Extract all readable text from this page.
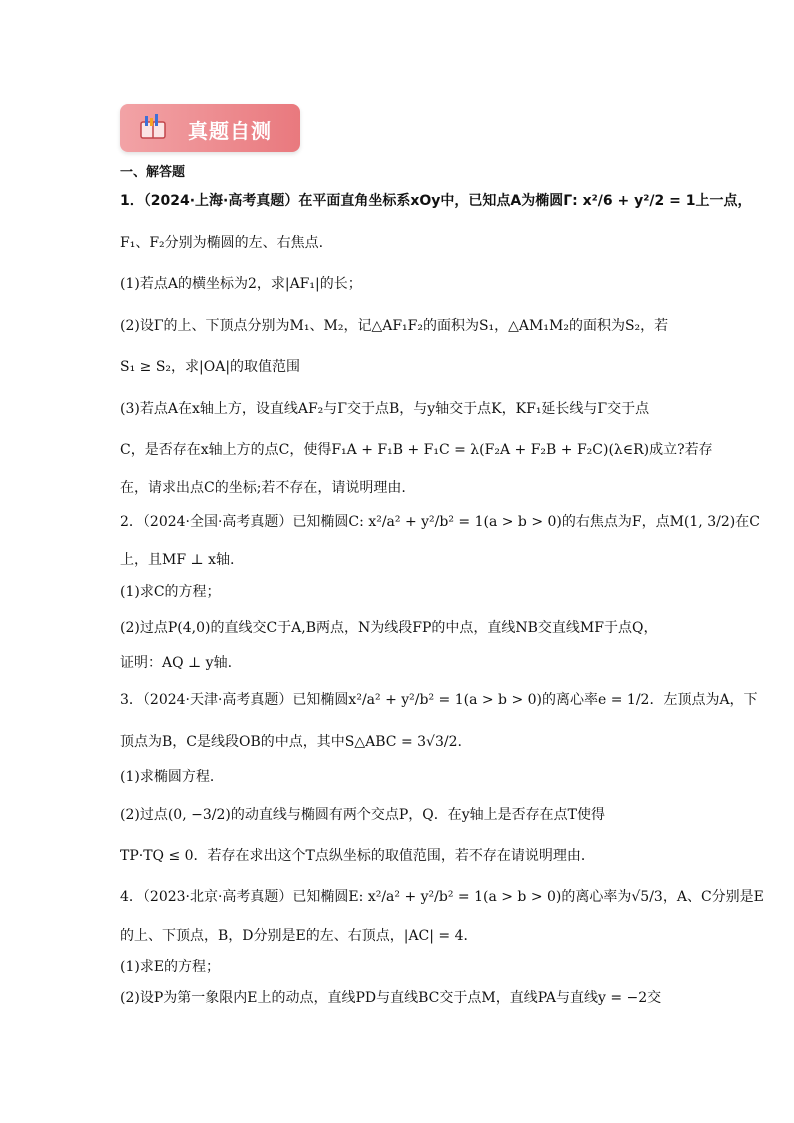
真题自测
一、解答题
1．（2024·上海·高考真题）在平面直角坐标系xOy中，已知点A为椭圆Γ: x²/6 + y²/2 = 1上一点，
F₁、F₂分别为椭圆的左、右焦点.
(1)若点A的横坐标为2，求|AF₁|的长；
(2)设Γ的上、下顶点分别为M₁、M₂，记△AF₁F₂的面积为S₁，△AM₁M₂的面积为S₂，若
S₁ ≥ S₂，求|OA|的取值范围
(3)若点A在x轴上方，设直线AF₂与Γ交于点B，与y轴交于点K，KF₁延长线与Γ交于点
C，是否存在x轴上方的点C，使得F₁A + F₁B + F₁C = λ(F₂A + F₂B + F₂C)(λ∈R)成立?若存
在，请求出点C的坐标;若不存在，请说明理由.
2．（2024·全国·高考真题）已知椭圆C: x²/a² + y²/b² = 1(a > b > 0)的右焦点为F，点M(1, 3/2)在C
上，且MF ⊥ x轴.
(1)求C的方程；
(2)过点P(4,0)的直线交C于A,B两点，N为线段FP的中点，直线NB交直线MF于点Q，
证明：AQ ⊥ y轴.
3．（2024·天津·高考真题）已知椭圆x²/a² + y²/b² = 1(a > b > 0)的离心率e = 1/2．左顶点为A，下
顶点为B，C是线段OB的中点，其中S△ABC = 3√3/2.
(1)求椭圆方程．
(2)过点(0, −3/2)的动直线与椭圆有两个交点P，Q．在y轴上是否存在点T使得
TP·TQ ≤ 0．若存在求出这个T点纵坐标的取值范围，若不存在请说明理由．
4．（2023·北京·高考真题）已知椭圆E: x²/a² + y²/b² = 1(a > b > 0)的离心率为√5/3，A、C分别是E
的上、下顶点，B，D分别是E的左、右顶点，|AC| = 4．
(1)求E的方程；
(2)设P为第一象限内E上的动点，直线PD与直线BC交于点M，直线PA与直线y = −2交
